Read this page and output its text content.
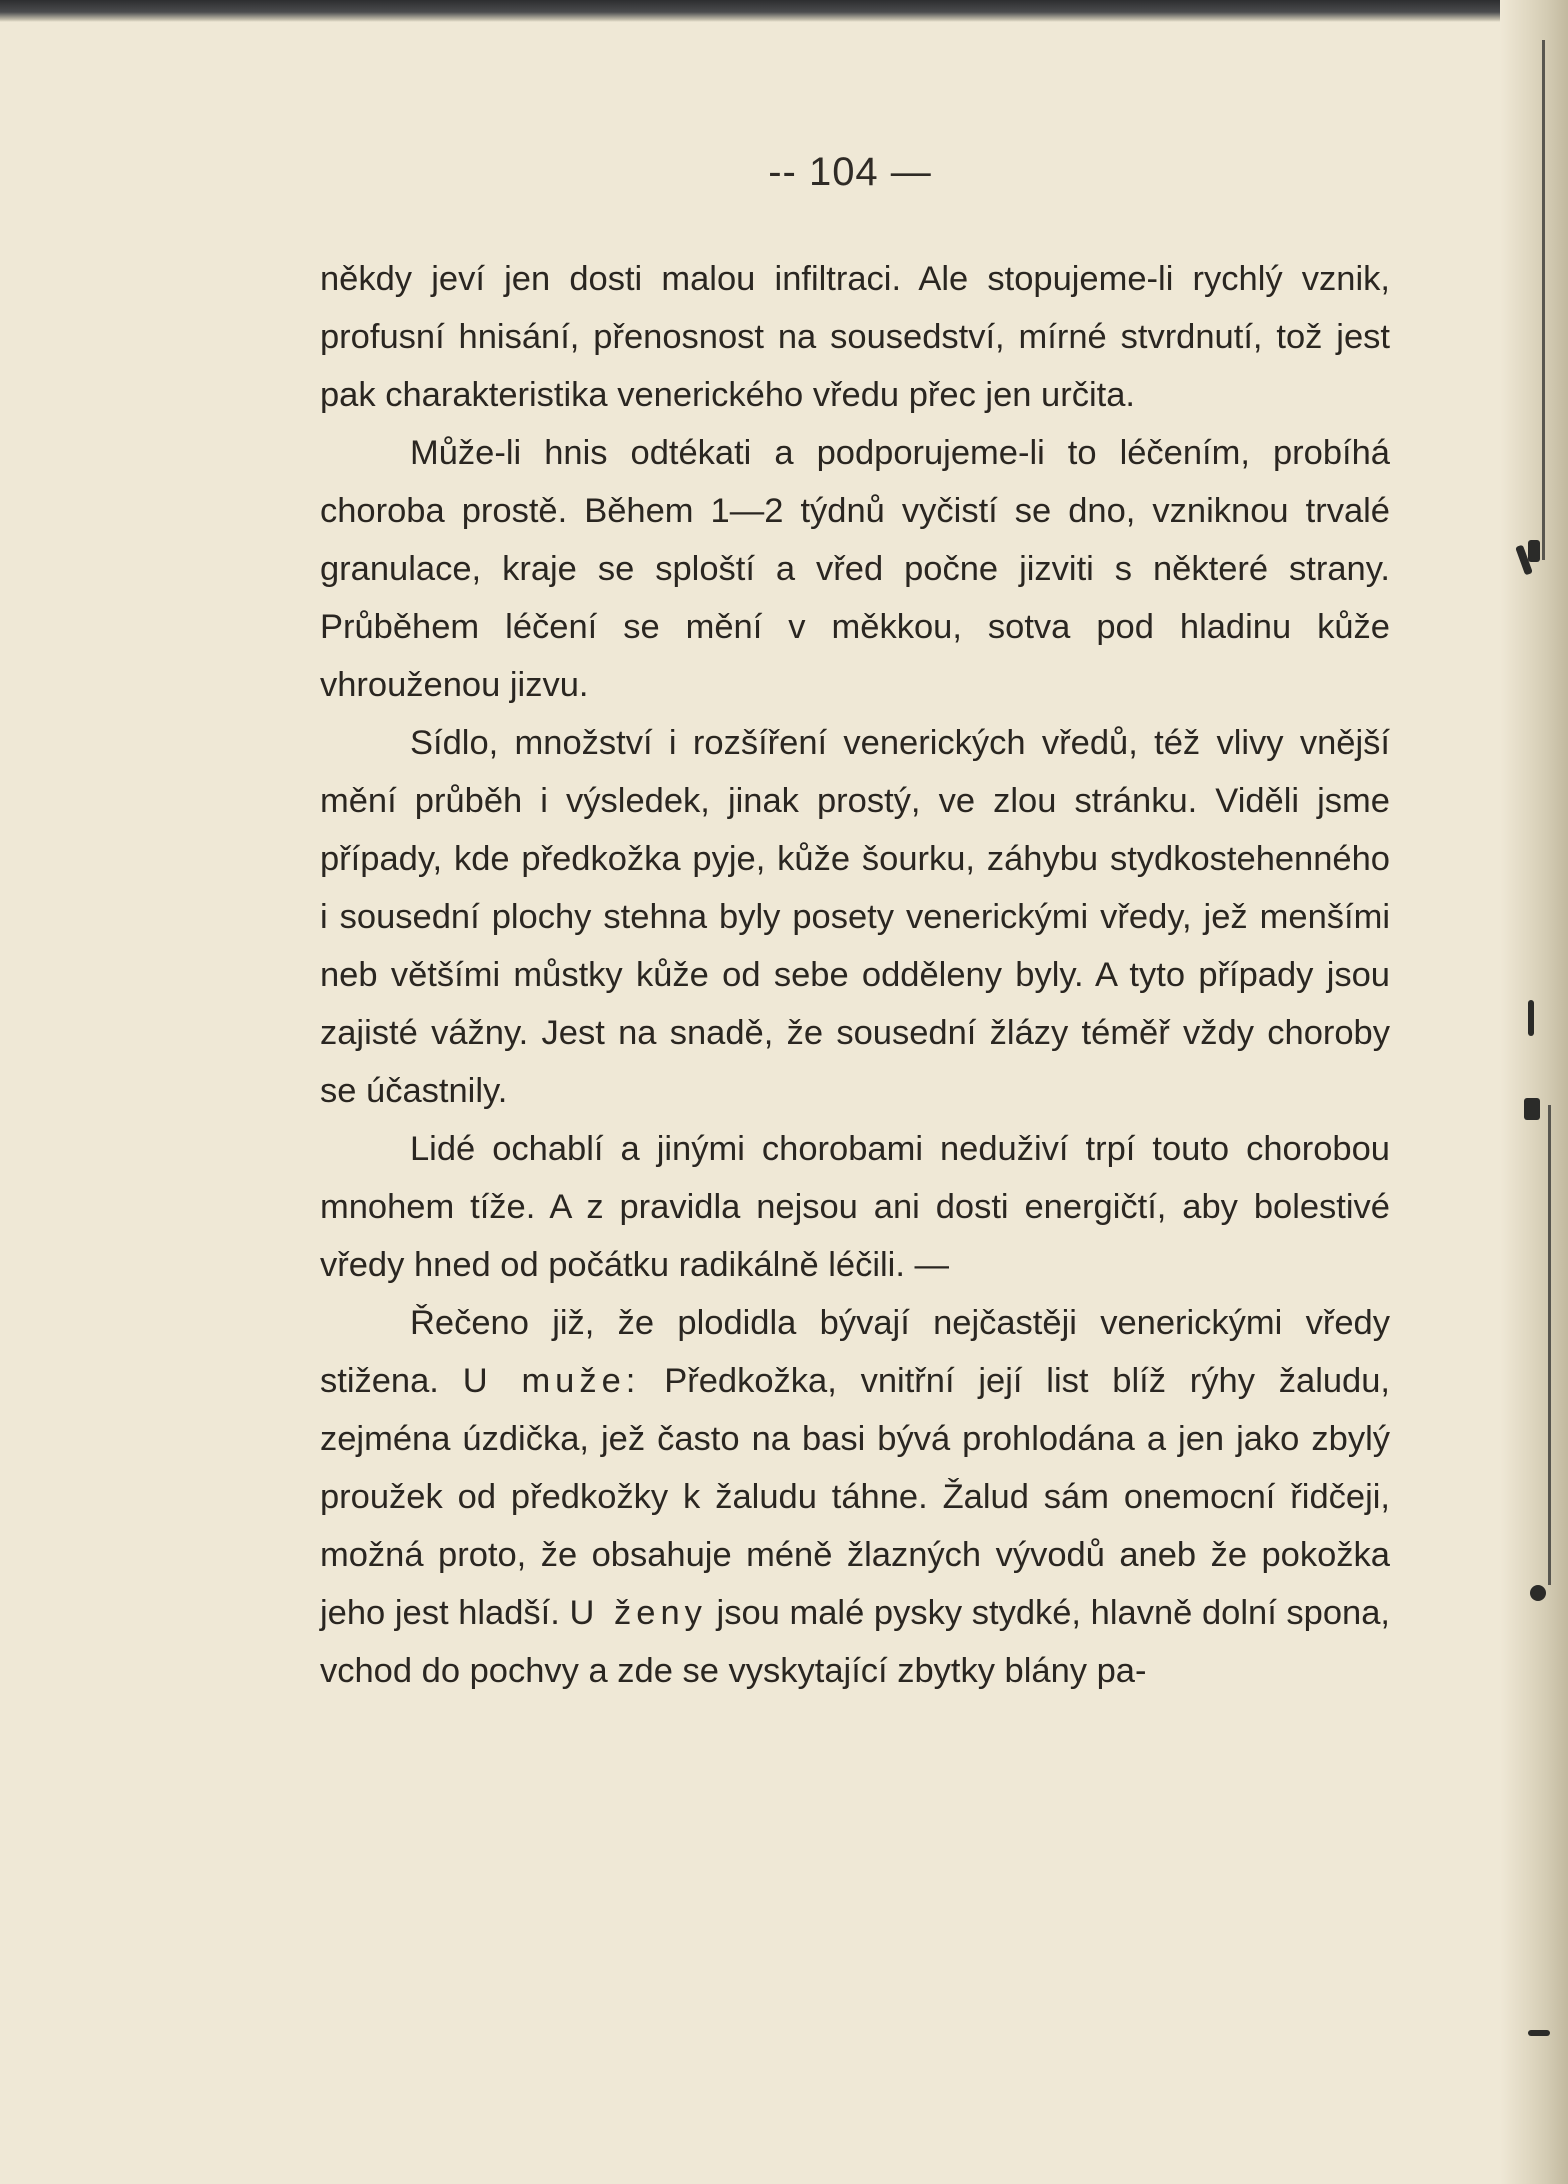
-- 104 —

někdy jeví jen dosti malou infiltraci. Ale stopujeme-li rychlý vznik, profusní hnisání, přenosnost na sousedství, mírné stvrdnutí, tož jest pak charakteristika venerického vředu přec jen určita.

Může-li hnis odtékati a podporujeme-li to léčením, probíhá choroba prostě. Během 1—2 týdnů vyčistí se dno, vzniknou trvalé granulace, kraje se sploští a vřed počne jizviti s některé strany. Průběhem léčení se mění v měkkou, sotva pod hladinu kůže vhrouženou jizvu.

Sídlo, množství i rozšíření venerických vředů, též vlivy vnější mění průběh i výsledek, jinak prostý, ve zlou stránku. Viděli jsme případy, kde předkožka pyje, kůže šourku, záhybu stydkostehenného i sousední plochy stehna byly posety venerickými vředy, jež menšími neb většími můstky kůže od sebe odděleny byly. A tyto případy jsou zajisté vážny. Jest na snadě, že sousední žlázy téměř vždy choroby se účastnily.

Lidé ochablí a jinými chorobami neduživí trpí touto chorobou mnohem tíže. A z pravidla nejsou ani dosti energičtí, aby bolestivé vředy hned od počátku radikálně léčili. —

Řečeno již, že plodidla bývají nejčastěji venerickými vředy stižena. U muže: Předkožka, vnitřní její list blíž rýhy žaludu, zejména úzdička, jež často na basi bývá prohlodána a jen jako zbylý proužek od předkožky k žaludu táhne. Žalud sám onemocní řidčeji, možná proto, že obsahuje méně žlazných vývodů aneb že pokožka jeho jest hladší. U ženy jsou malé pysky stydké, hlavně dolní spona, vchod do pochvy a zde se vyskytající zbytky blány pa-
